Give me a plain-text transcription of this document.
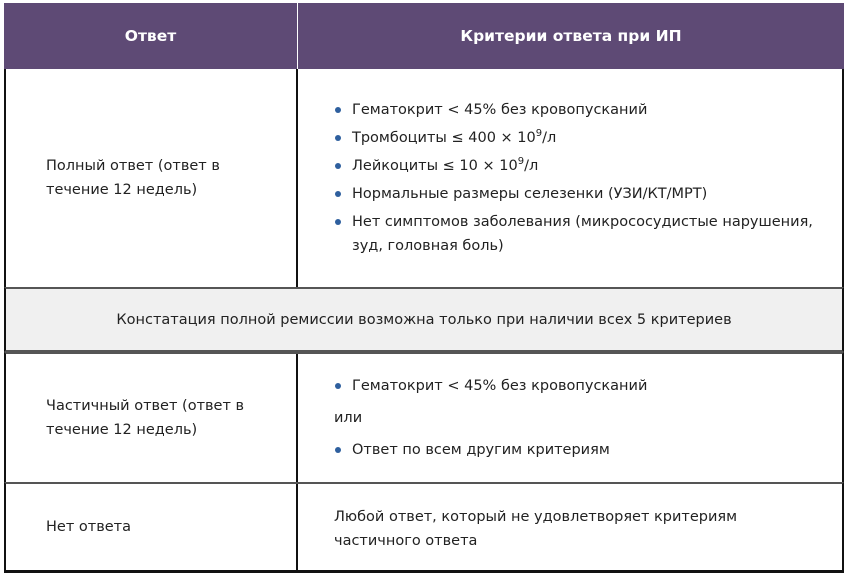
Ответ	Критерии ответа при ИП
Полный ответ (ответ в течение 12 недель)
Гематокрит < 45% без кровопусканий
Тромбоциты ≤ $400 \times 10^9/л$
Лейкоциты ≤ $10 \times 10^9/л$
Нормальные размеры селезенки (УЗИ/КТ/МРТ)
Нет симптомов заболевания (микрососудистые нарушения, зуд, головная боль)
Констатация полной ремиссии возможна только при наличии всех 5 критериев
Частичный ответ (ответ в течение 12 недель)
Гематокрит < 45% без кровопусканий
или
Ответ по всем другим критериям
Нет ответа
Любой ответ, который не удовлетворяет критериям частичного ответа
